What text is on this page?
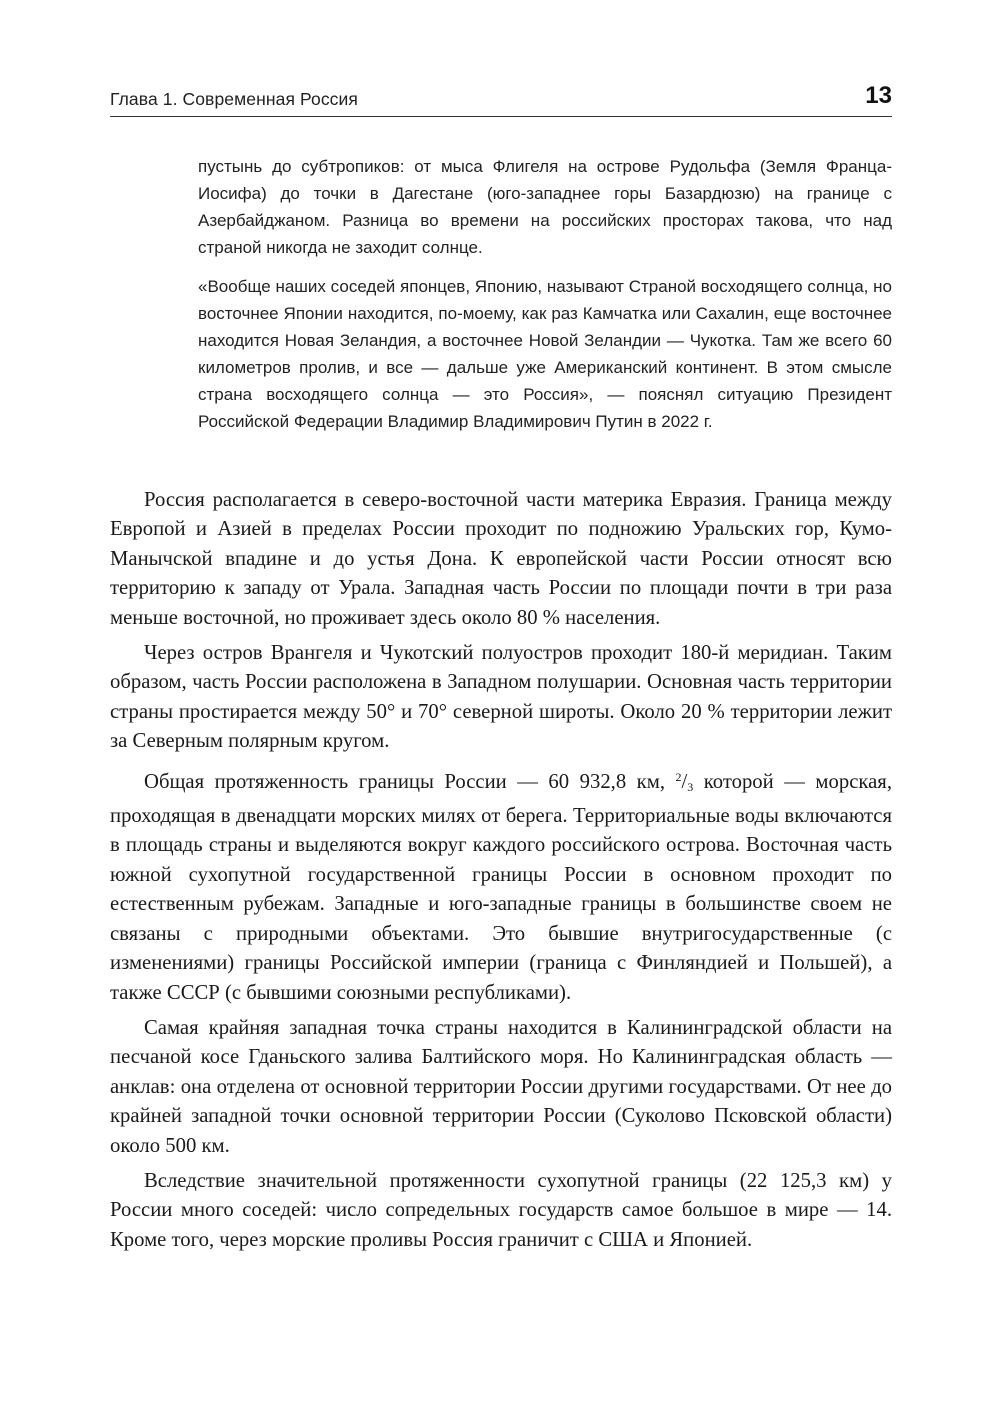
Глава 1. Современная Россия	13

пустынь до субтропиков: от мыса Флигеля на острове Рудольфа (Земля Франца-Иосифа) до точки в Дагестане (юго-западнее горы Базардюзю) на границе с Азербайджаном. Разница во времени на российских просторах такова, что над страной никогда не заходит солнце.

«Вообще наших соседей японцев, Японию, называют Страной восходящего солнца, но восточнее Японии находится, по-моему, как раз Камчатка или Сахалин, еще восточнее находится Новая Зеландия, а восточнее Новой Зеландии — Чукотка. Там же всего 60 километров пролив, и все — дальше уже Американский континент. В этом смысле страна восходящего солнца — это Россия», — пояснял ситуацию Президент Российской Федерации Владимир Владимирович Путин в 2022 г.

Россия располагается в северо-восточной части материка Евразия. Граница между Европой и Азией в пределах России проходит по подножию Уральских гор, Кумо-Манычской впадине и до устья Дона. К европейской части России относят всю территорию к западу от Урала. Западная часть России по площади почти в три раза меньше восточной, но проживает здесь около 80 % населения.

Через остров Врангеля и Чукотский полуостров проходит 180-й меридиан. Таким образом, часть России расположена в Западном полушарии. Основная часть территории страны простирается между 50° и 70° северной широты. Около 20 % территории лежит за Северным полярным кругом.

Общая протяженность границы России — 60 932,8 км, $^2/_3$ которой — морская, проходящая в двенадцати морских милях от берега. Территориальные воды включаются в площадь страны и выделяются вокруг каждого российского острова. Восточная часть южной сухопутной государственной границы России в основном проходит по естественным рубежам. Западные и юго-западные границы в большинстве своем не связаны с природными объектами. Это бывшие внутригосударственные (с изменениями) границы Российской империи (граница с Финляндией и Польшей), а также СССР (с бывшими союзными республиками).

Самая крайняя западная точка страны находится в Калининградской области на песчаной косе Гданьского залива Балтийского моря. Но Калининградская область — анклав: она отделена от основной территории России другими государствами. От нее до крайней западной точки основной территории России (Суколово Псковской области) около 500 км.

Вследствие значительной протяженности сухопутной границы (22 125,3 км) у России много соседей: число сопредельных государств самое большое в мире — 14. Кроме того, через морские проливы Россия граничит с США и Японией.
